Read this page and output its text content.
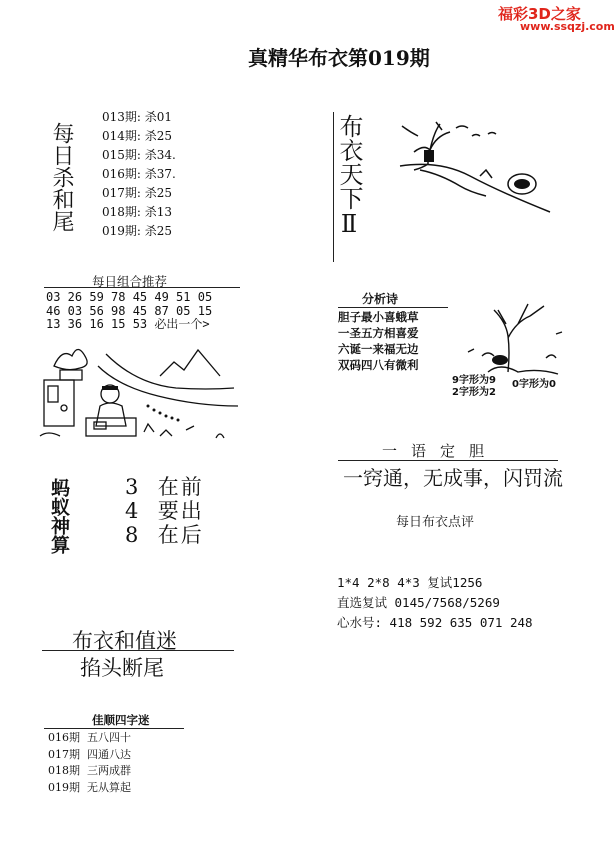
福彩3D之家
www.ssqzj.com
真精华布衣第019期
每日杀和尾
013期: 杀01
014期: 杀25
015期: 杀34.
016期: 杀37.
017期: 杀25
018期: 杀13
019期: 杀25
每日组合推荐
03 26 59 78 45 49 51 05
46 03 56 98 45 87 05 15
13 36 16 15 53 必出一个>
布衣天下Ⅱ
分析诗
胆子最小喜蛾草
一圣五方相喜爱
六诞一来福无边
双码四八有微利
9字形为9
2字形为2
0字形为0
一语定胆
一窍通，无成事，闪罚流
每日布衣点评
1*4 2*8 4*3 复试1256
直选复试 0145/7568/5269
心水号: 418 592 635 071 248
蚂蚁神算	3 在前
4 要出
8 在后
布衣和值迷
掐头断尾
佳顺四字迷
016期 五八四十
017期 四通八达
018期 三两成群
019期 无从算起
